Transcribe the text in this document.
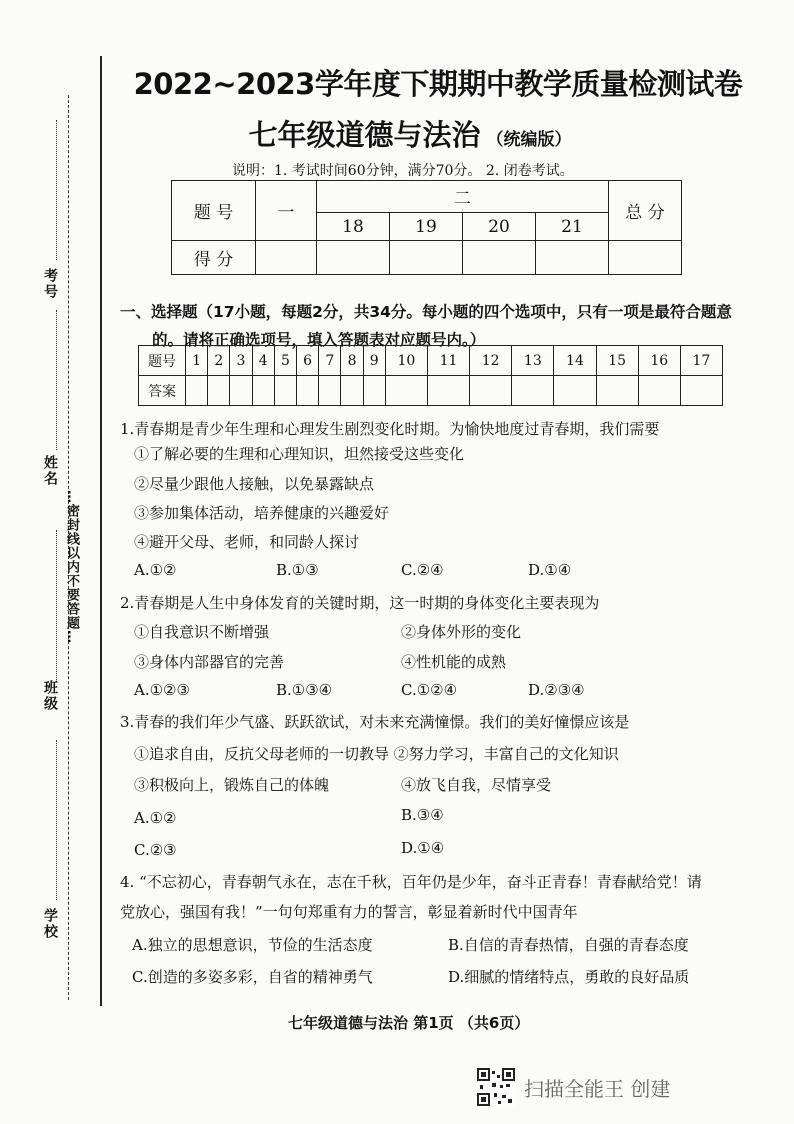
考号
姓名
…密封线以内不要答题…
班级
学校
2022~2023学年度下期期中教学质量检测试卷
七年级道德与法治 （统编版）
说明：1. 考试时间60分钟，满分70分。 2. 闭卷考试。
题 号	一	二				总 分
		18	19	20	21	
得 分						
一、选择题（17小题，每题2分，共34分。每小题的四个选项中，只有一项是最符合题意
的。请将正确选项号，填入答题表对应题号内。）
题号	1	2	3	4	5	6	7	8	9	10	11	12	13	14	15	16	17
答案																	
1.青春期是青少年生理和心理发生剧烈变化时期。为愉快地度过青春期，我们需要
①了解必要的生理和心理知识，坦然接受这些变化
②尽量少跟他人接触，以免暴露缺点
③参加集体活动，培养健康的兴趣爱好
④避开父母、老师，和同龄人探讨
A.①②	B.①③	C.②④	D.①④
2.青春期是人生中身体发育的关键时期，这一时期的身体变化主要表现为
①自我意识不断增强	②身体外形的变化
③身体内部器官的完善	④性机能的成熟
A.①②③	B.①③④	C.①②④	D.②③④
3.青春的我们年少气盛、跃跃欲试，对未来充满憧憬。我们的美好憧憬应该是
①追求自由，反抗父母老师的一切教导 ②努力学习，丰富自己的文化知识
③积极向上，锻炼自己的体魄	④放飞自我，尽情享受
A.①②	B.③④
C.②③	D.①④
4. “不忘初心，青春朝气永在，志在千秋，百年仍是少年，奋斗正青春！青春献给党！请
党放心，强国有我！”一句句郑重有力的誓言，彰显着新时代中国青年
A.独立的思想意识，节俭的生活态度	B.自信的青春热情，自强的青春态度
C.创造的多姿多彩，自省的精神勇气	D.细腻的情绪特点，勇敢的良好品质
七年级道德与法治 第1页 （共6页）
扫描全能王 创建
